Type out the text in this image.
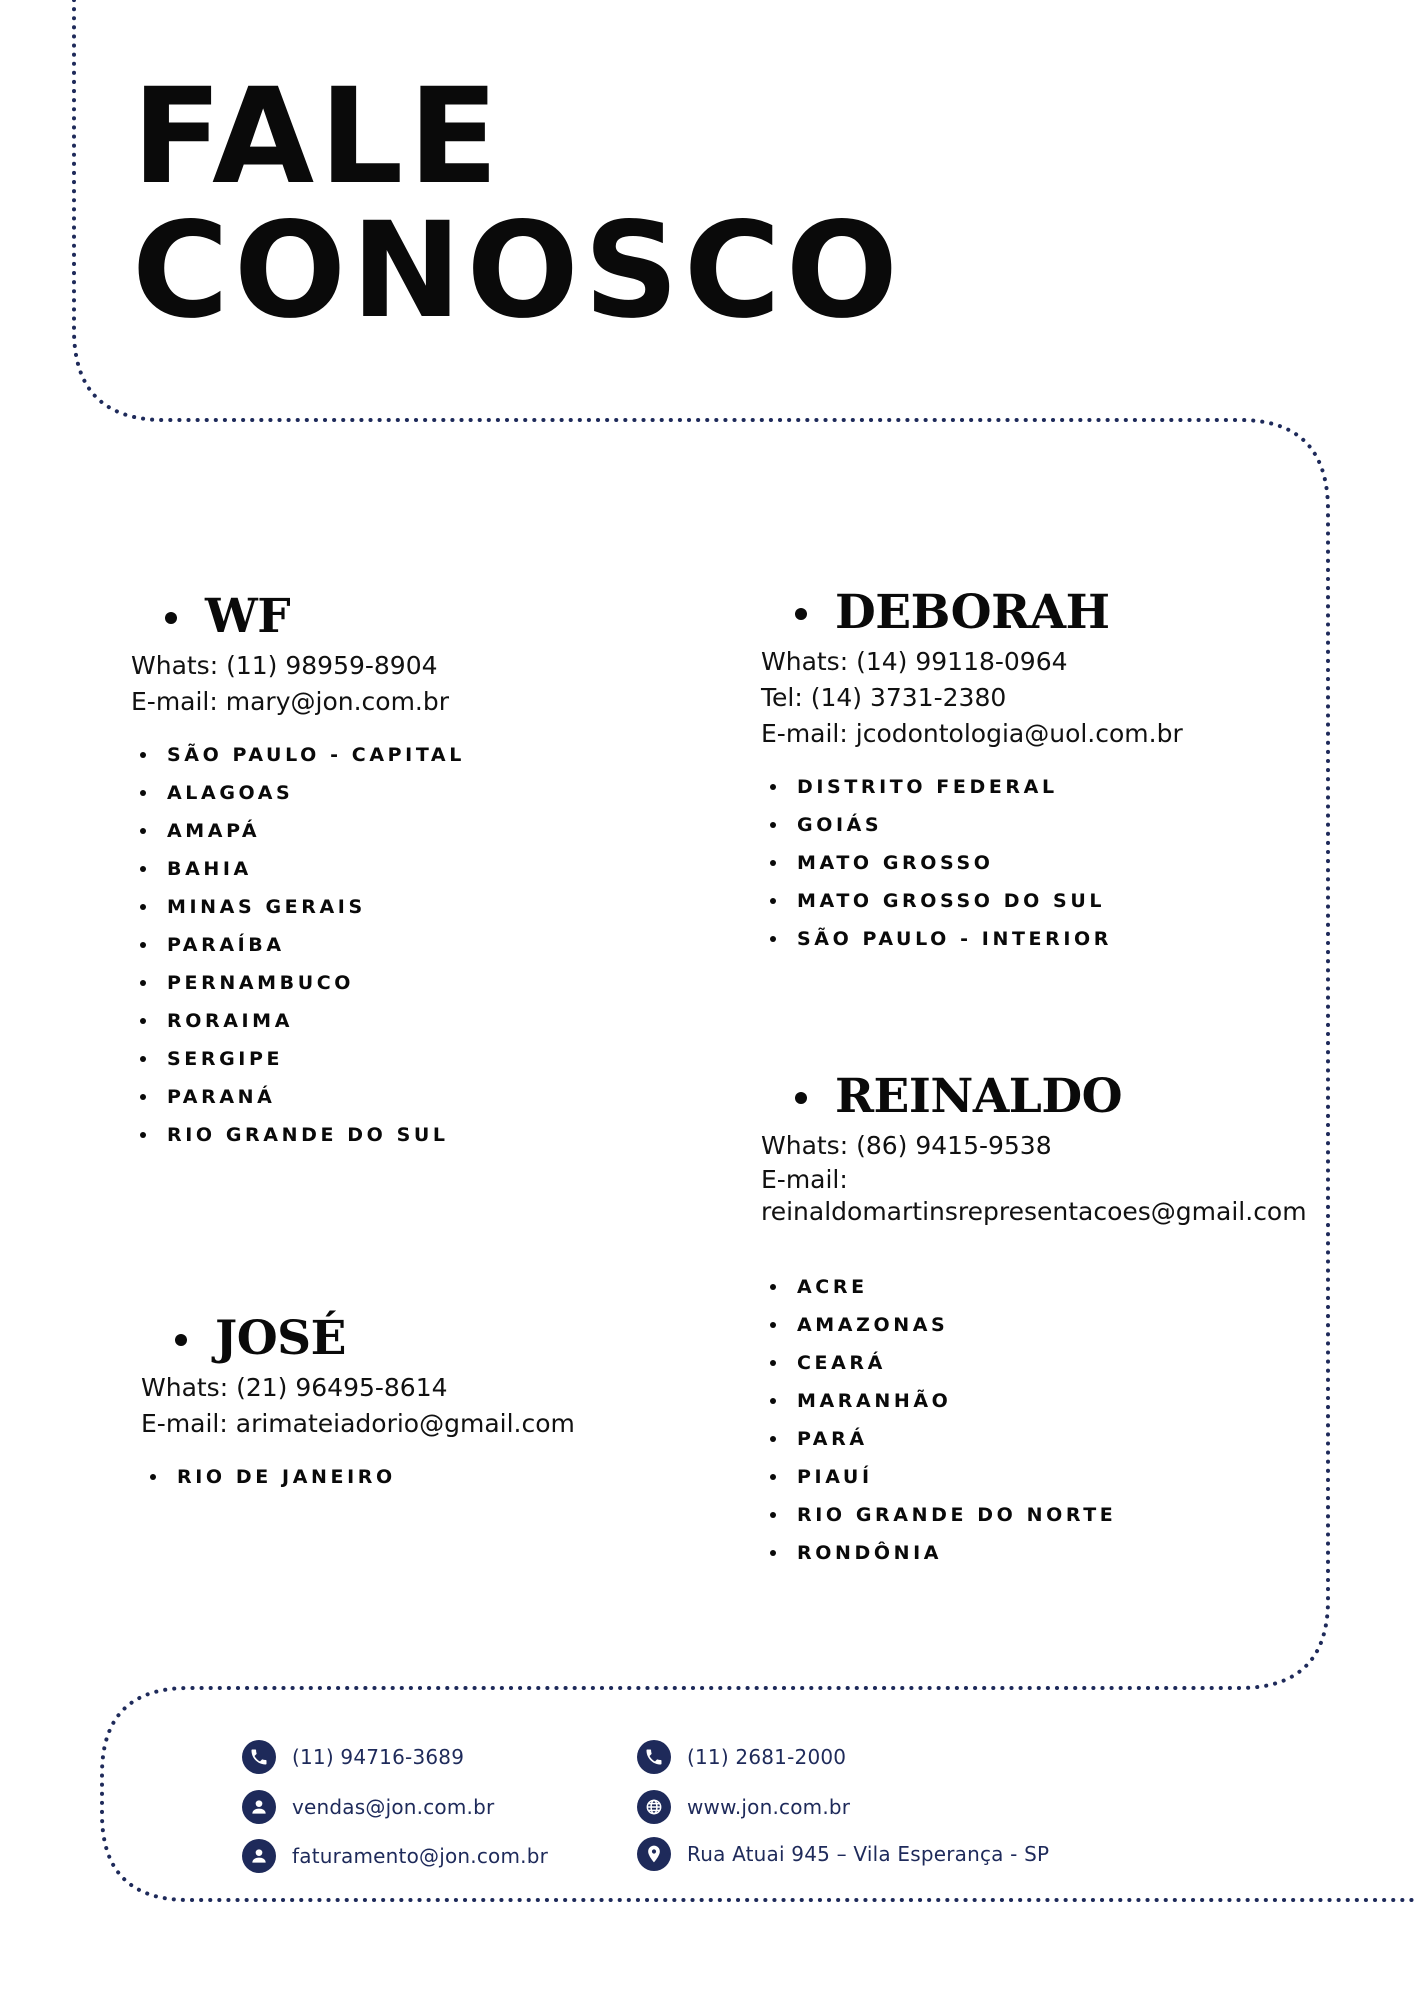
FALE
CONOSCO
WF
Whats: (11) 98959-8904
E-mail: mary@jon.com.br
SÃO PAULO - CAPITAL
ALAGOAS
AMAPÁ
BAHIA
MINAS GERAIS
PARAÍBA
PERNAMBUCO
RORAIMA
SERGIPE
PARANÁ
RIO GRANDE DO SUL
DEBORAH
Whats: (14) 99118-0964
Tel: (14) 3731-2380
E-mail: jcodontologia@uol.com.br
DISTRITO FEDERAL
GOIÁS
MATO GROSSO
MATO GROSSO DO SUL
SÃO PAULO - INTERIOR
REINALDO
Whats: (86) 9415-9538
E-mail:
reinaldomartinsrepresentacoes@gmail.com
ACRE
AMAZONAS
CEARÁ
MARANHÃO
PARÁ
PIAUÍ
RIO GRANDE DO NORTE
RONDÔNIA
JOSÉ
Whats: (21) 96495-8614
E-mail: arimateiadorio@gmail.com
RIO DE JANEIRO
(11) 94716-3689
vendas@jon.com.br
faturamento@jon.com.br
(11) 2681-2000
www.jon.com.br
Rua Atuai 945 – Vila Esperança - SP
